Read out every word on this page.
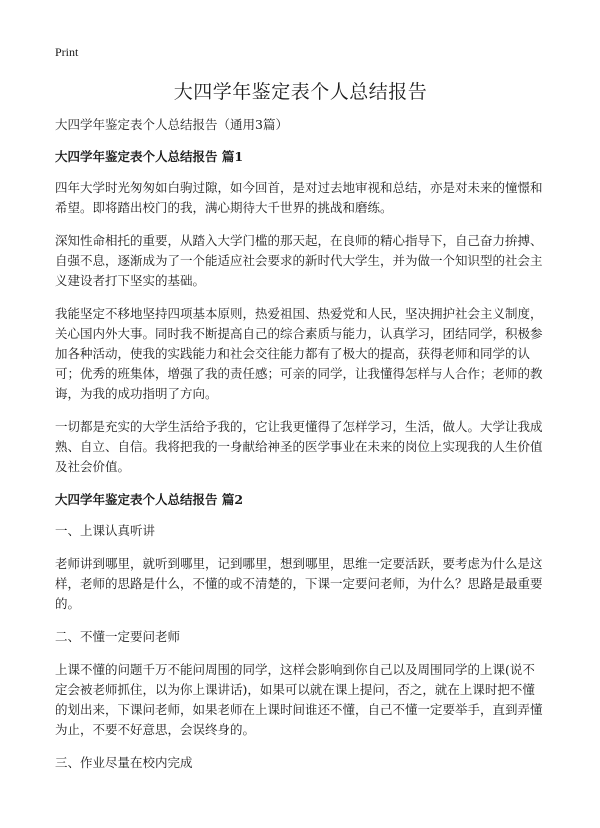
Print
大四学年鉴定表个人总结报告
大四学年鉴定表个人总结报告（通用3篇）
大四学年鉴定表个人总结报告 篇1

四年大学时光匆匆如白驹过隙，如今回首，是对过去地审视和总结，亦是对未来的憧憬和希望。即将踏出校门的我，满心期待大千世界的挑战和磨练。

深知性命相托的重要，从踏入大学门槛的那天起，在良师的精心指导下，自己奋力拚搏、自强不息，逐渐成为了一个能适应社会要求的新时代大学生，并为做一个知识型的社会主义建设者打下坚实的基础。

我能坚定不移地坚持四项基本原则，热爱祖国、热爱党和人民，坚决拥护社会主义制度，关心国内外大事。同时我不断提高自己的综合素质与能力，认真学习，团结同学，积极参加各种活动，使我的实践能力和社会交往能力都有了极大的提高，获得老师和同学的认可；优秀的班集体，增强了我的责任感；可亲的同学，让我懂得怎样与人合作；老师的教诲，为我的成功指明了方向。

一切都是充实的大学生活给予我的，它让我更懂得了怎样学习，生活，做人。大学让我成熟、自立、自信。我将把我的一身献给神圣的医学事业在未来的岗位上实现我的人生价值及社会价值。

大四学年鉴定表个人总结报告 篇2
一、上课认真听讲

老师讲到哪里，就听到哪里，记到哪里，想到哪里，思维一定要活跃，要考虑为什么是这样，老师的思路是什么，不懂的或不清楚的，下课一定要问老师，为什么？思路是最重要的。

二、不懂一定要问老师

上课不懂的问题千万不能问周围的同学，这样会影响到你自己以及周围同学的上课(说不定会被老师抓住，以为你上课讲话)，如果可以就在课上提问，否之，就在上课时把不懂的划出来，下课问老师，如果老师在上课时间谁还不懂，自己不懂一定要举手，直到弄懂为止，不要不好意思，会误终身的。

三、作业尽量在校内完成
